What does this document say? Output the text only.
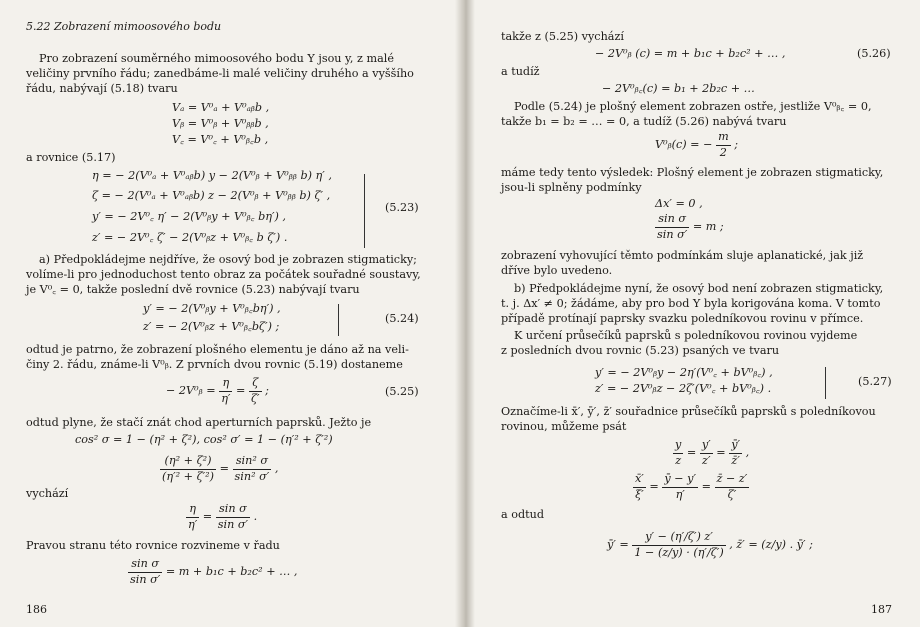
5.22 Zobrazení mimoosového bodu
Pro zobrazení souměrného mimoosového bodu Y jsou y, z malé
veličiny prvního řádu; zanedbáme-li malé veličiny druhého a vyššího
řádu, nabývají (5.18) tvaru
Vₐ = V⁰ₐ + V⁰ₐᵦb ,
Vᵦ = V⁰ᵦ + V⁰ᵦᵦb ,
V꜀ = V⁰꜀ + V⁰ᵦ꜀b ,
a rovnice (5.17)
η = − 2(V⁰ₐ + V⁰ₐᵦb) y − 2(V⁰ᵦ + V⁰ᵦᵦ b) η′ ,
ζ = − 2(V⁰ₐ + V⁰ₐᵦb) z − 2(V⁰ᵦ + V⁰ᵦᵦ b) ζ′ ,
y′ = − 2V⁰꜀ η′ − 2(V⁰ᵦy + V⁰ᵦ꜀ bη′) ,
z′ = − 2V⁰꜀ ζ′ − 2(V⁰ᵦz + V⁰ᵦ꜀ b ζ′) .
(5.23)
a) Předpokládejme nejdříve, že osový bod je zobrazen stigmaticky;
volíme-li pro jednoduchost tento obraz za počátek souřadné soustavy,
je V⁰꜀ = 0, takže poslední dvě rovnice (5.23) nabývají tvaru
y′ = − 2(V⁰ᵦy + V⁰ᵦ꜀bη′) ,
z′ = − 2(V⁰ᵦz + V⁰ᵦ꜀bζ′) ;
(5.24)
odtud je patrno, že zobrazení plošného elementu je dáno až na veli-
činy 2. řádu, známe-li V⁰ᵦ. Z prvních dvou rovnic (5.19) dostaneme
− 2V⁰ᵦ = $\frac{\eta}{\eta'} = \frac{\zeta}{\zeta'}$ ;	(5.25)
odtud plyne, že stačí znát chod aperturních paprsků. Ježto je
cos² σ = 1 − (η² + ζ²), cos² σ′ = 1 − (η′² + ζ′²)
$\frac{\text{(η² + ζ²)}}{\text{(η′² + ζ′²)}} = \frac{\text{sin² σ}}{\text{sin² σ′}}$ ,
vychází
$\frac{\eta}{\eta'} = \frac{\text{sin σ}}{\text{sin σ′}}$ .
Pravou stranu této rovnice rozvineme v řadu
$\frac{\text{sin σ}}{\text{sin σ′}} = m + b_1c + b_2c^2$ + … ,
186
takže z (5.25) vychází
− 2V⁰ᵦ (c) = m + b₁c + b₂c² + … ,	(5.26)
a tudíž
− 2V⁰ᵦ꜀(c) = b₁ + 2b₂c + …
Podle (5.24) je plošný element zobrazen ostře, jestliže V⁰ᵦ꜀ = 0,
takže b₁ = b₂ = … = 0, a tudíž (5.26) nabývá tvaru
V⁰ᵦ(c) = − $\frac{m}{2}$ ;
máme tedy tento výsledek: Plošný element je zobrazen stigmaticky,
jsou-li splněny podmínky
Δx′ = 0 ,
$\frac{\text{sin σ}}{\text{sin σ′}} = m$ ;
zobrazení vyhovující těmto podmínkám sluje aplanatické, jak již
dříve bylo uvedeno.
b) Předpokládejme nyní, že osový bod není zobrazen stigmaticky,
t. j. Δx′ ≠ 0; žádáme, aby pro bod Y byla korigována koma. V tomto
případě protínají paprsky svazku poledníkovou rovinu v přímce.
K určení průsečíků paprsků s poledníkovou rovinou vyjdeme
z posledních dvou rovnic (5.23) psaných ve tvaru
y′ = − 2V⁰ᵦy − 2η′(V⁰꜀ + bV⁰ᵦ꜀) ,
z′ = − 2V⁰ᵦz − 2ζ′(V⁰꜀ + bV⁰ᵦ꜀) .
(5.27)
Označíme-li x̄′, ȳ′, z̄′ souřadnice průsečíků paprsků s poledníkovou
rovinou, můžeme psát
$\frac{y}{z} = \frac{y'}{z'} = \frac{ȳ'}{z̄'}$ ,
$\frac{x̄'}{\xi'} = \frac{ȳ - y'}{\eta'} = \frac{z̄ - z'}{\zeta'}$
a odtud
ȳ′ = $\frac{y' - (\eta'/\zeta') z'}{1 - (z/y) \cdot (\eta'/\zeta')}$ , z̄′ = (z/y) . ȳ′ ;
187
